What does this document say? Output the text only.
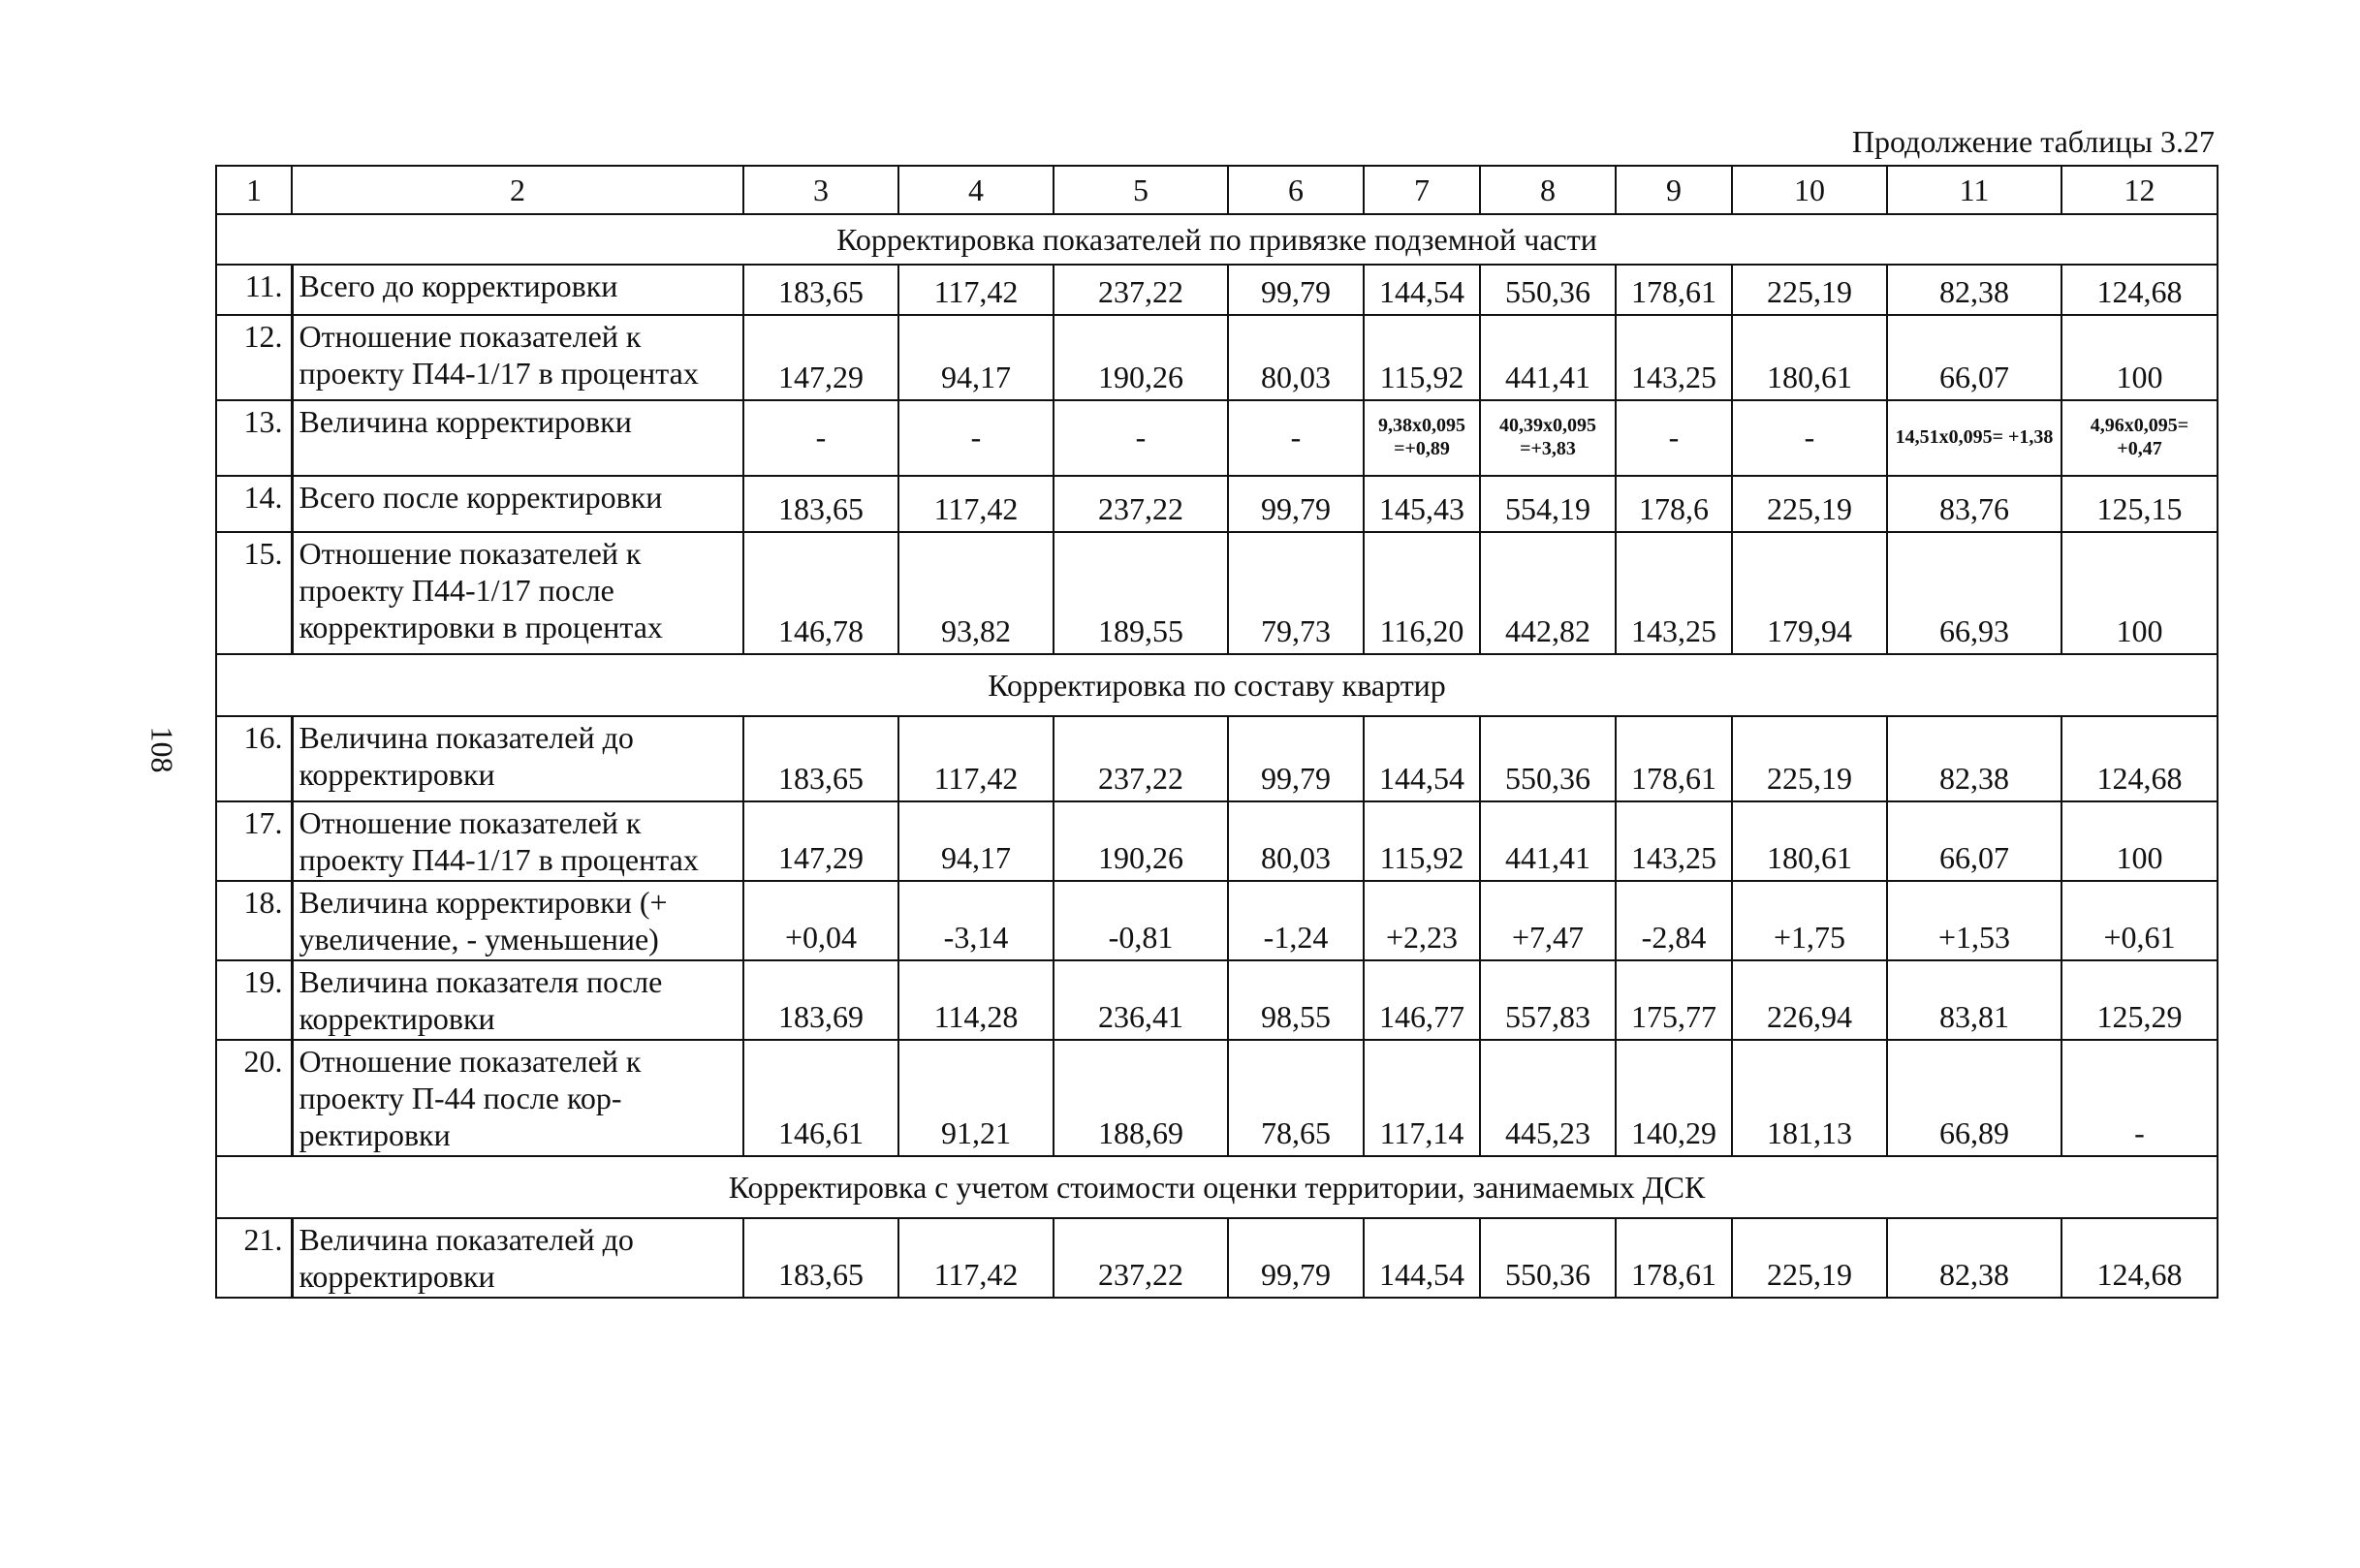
Продолжение таблицы 3.27
108
1	2	3	4	5	6	7	8	9	10	11	12
Корректировка показателей по привязке подземной части											
11.	Всего до корректировки	183,65	117,42	237,22	99,79	144,54	550,36	178,61	225,19	82,38	124,68
12.	Отношение показателей к проекту П44-1/17 в процентах	147,29	94,17	190,26	80,03	115,92	441,41	143,25	180,61	66,07	100
13.	Величина корректировки	-	-	-	-	9,38x0,095 =+0,89	40,39x0,095 =+3,83	-	-	14,51x0,095= +1,38	4,96x0,095= +0,47
14.	Всего после корректировки	183,65	117,42	237,22	99,79	145,43	554,19	178,6	225,19	83,76	125,15
15.	Отношение показателей к проекту П44-1/17 после корректировки в процентах	146,78	93,82	189,55	79,73	116,20	442,82	143,25	179,94	66,93	100
Корректировка по составу квартир											
16.	Величина показателей до корректировки	183,65	117,42	237,22	99,79	144,54	550,36	178,61	225,19	82,38	124,68
17.	Отношение показателей к проекту П44-1/17 в процентах	147,29	94,17	190,26	80,03	115,92	441,41	143,25	180,61	66,07	100
18.	Величина корректировки (+ увеличение, - уменьшение)	+0,04	-3,14	-0,81	-1,24	+2,23	+7,47	-2,84	+1,75	+1,53	+0,61
19.	Величина показателя после корректировки	183,69	114,28	236,41	98,55	146,77	557,83	175,77	226,94	83,81	125,29
20.	Отношение показателей к проекту П-44 после кор-ректировки	146,61	91,21	188,69	78,65	117,14	445,23	140,29	181,13	66,89	-
Корректировка с учетом стоимости оценки территории, занимаемых ДСК											
21.	Величина показателей до корректировки	183,65	117,42	237,22	99,79	144,54	550,36	178,61	225,19	82,38	124,68
